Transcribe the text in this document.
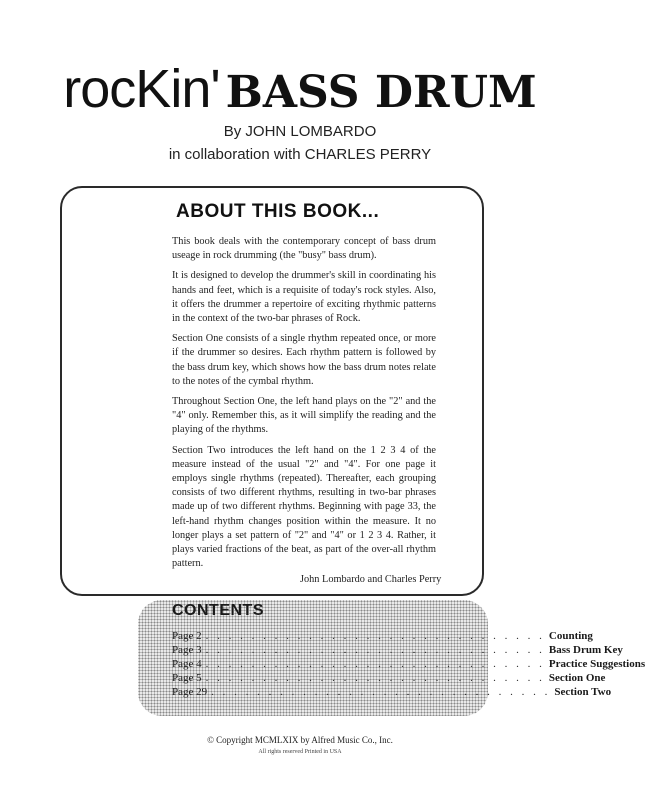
rocKin' BASS DRUM
By JOHN LOMBARDO
in collaboration with CHARLES PERRY
ABOUT THIS BOOK...

This book deals with the contemporary concept of bass drum useage in rock drumming (the "busy" bass drum).

It is designed to develop the drummer's skill in coordinating his hands and feet, which is a requisite of today's rock styles. Also, it offers the drummer a repertoire of exciting rhythmic patterns in the context of the two-bar phrases of Rock.

Section One consists of a single rhythm repeated once, or more if the drummer so desires. Each rhythm pattern is followed by the bass drum key, which shows how the bass drum notes relate to the notes of the cymbal rhythm.

Throughout Section One, the left hand plays on the "2" and the "4" only. Remember this, as it will simplify the reading and the playing of the rhythms.

Section Two introduces the left hand on the 1 2 3 4 of the measure instead of the usual "2" and "4". For one page it employs single rhythms (repeated). Thereafter, each grouping consists of two different rhythms, resulting in two-bar phrases made up of two different rhythms. Beginning with page 33, the left-hand rhythm changes position within the measure. It no longer plays a set pattern of "2" and "4" or 1 2 3 4. Rather, it plays varied fractions of the beat, as part of the over-all rhythm pattern.

John Lombardo and Charles Perry
CONTENTS
Page 2 . . . . . . . . . . . . . . . . . . . . . . . . . . . . . . Counting
Page 3 . . . . . . . . . . . . . . . . . . . . . . . . . . . . . . Bass Drum Key
Page 4 . . . . . . . . . . . . . . . . . . . . . . . . . . . . . . Practice Suggestions
Page 5 . . . . . . . . . . . . . . . . . . . . . . . . . . . . . . Section One
Page 29 . . . . . . . . . . . . . . . . . . . . . . . . . . . . . . Section Two
© Copyright MCMLXIX by Alfred Music Co., Inc.
All rights reserved Printed in USA
